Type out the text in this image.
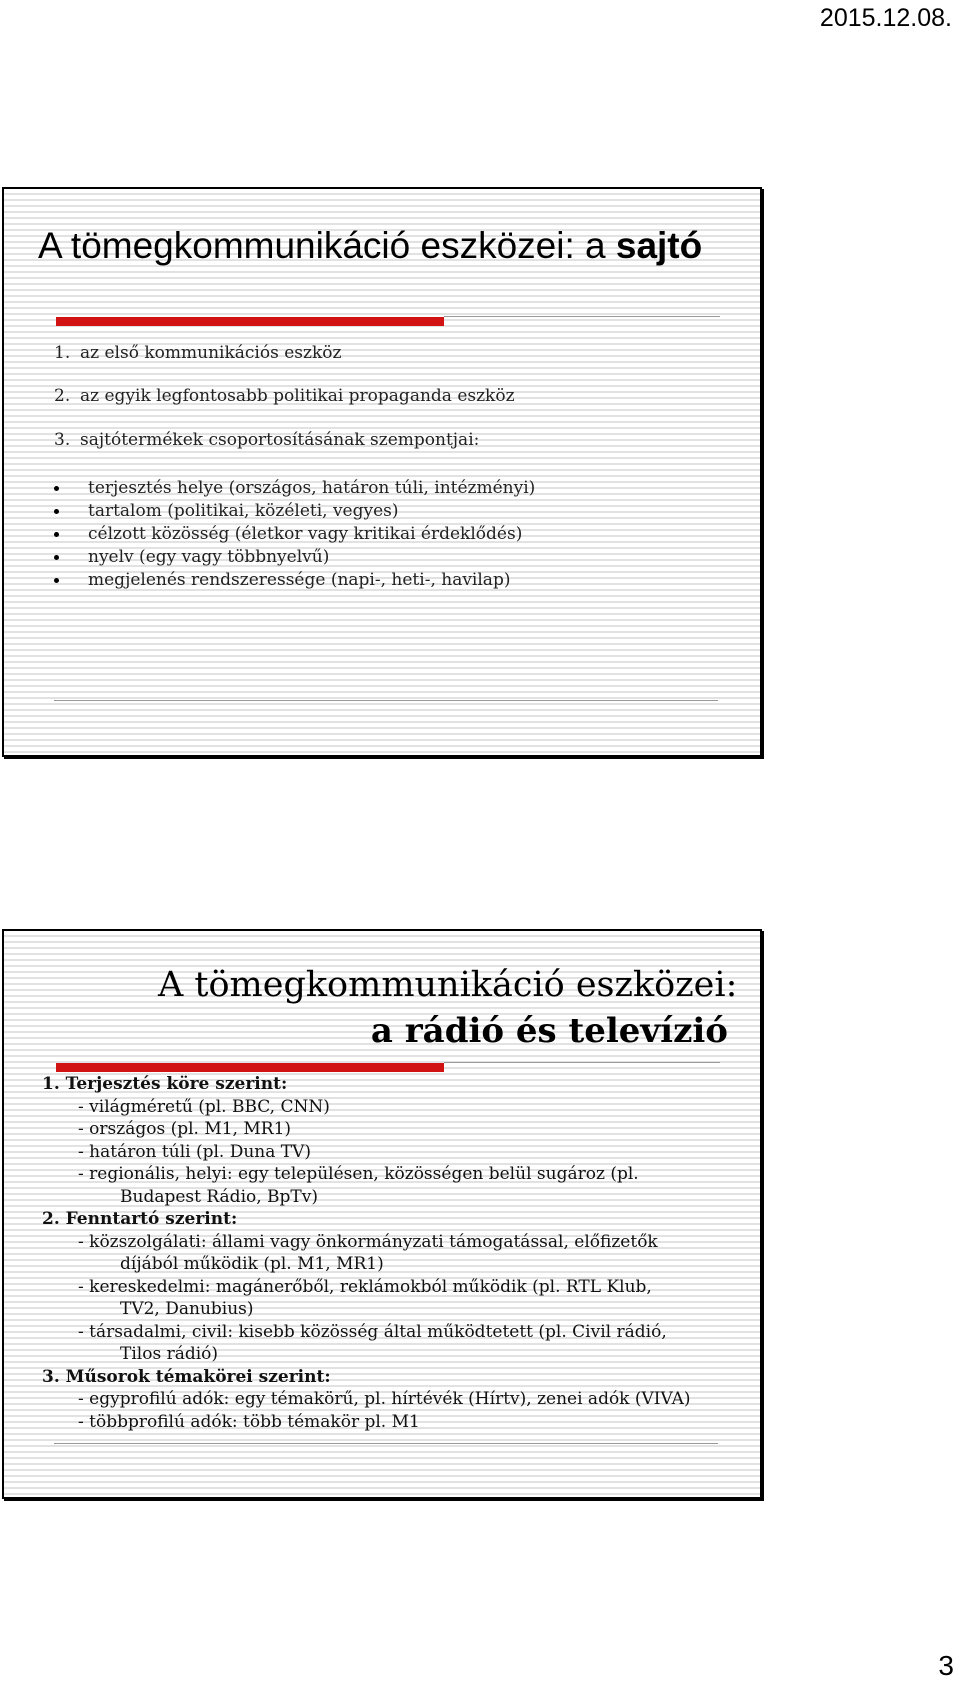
2015.12.08.
A tömegkommunikáció eszközei: a sajtó
1. az első kommunikációs eszköz
2. az egyik legfontosabb politikai propaganda eszköz
3. sajtótermékek csoportosításának szempontjai:
terjesztés helye (országos, határon túli, intézményi)
tartalom (politikai, közéleti, vegyes)
célzott közösség (életkor vagy kritikai érdeklődés)
nyelv (egy vagy többnyelvű)
megjelenés rendszeressége (napi-, heti-, havilap)
A tömegkommunikáció eszközei:
a rádió és televízió
1. Terjesztés köre szerint:
- világméretű (pl. BBC, CNN)
- országos (pl. M1, MR1)
- határon túli (pl. Duna TV)
- regionális, helyi: egy településen, közösségen belül sugároz (pl.
Budapest Rádio, BpTv)
2. Fenntartó szerint:
- közszolgálati: állami vagy önkormányzati támogatással, előfizetők
díjából működik (pl. M1, MR1)
- kereskedelmi: magánerőből, reklámokból működik (pl. RTL Klub,
TV2, Danubius)
- társadalmi, civil: kisebb közösség által működtetett (pl. Civil rádió,
Tilos rádió)
3. Műsorok témakörei szerint:
- egyprofilú adók: egy témakörű, pl. hírtévék (Hírtv), zenei adók (VIVA)
- többprofilú adók: több témakör pl. M1
3
